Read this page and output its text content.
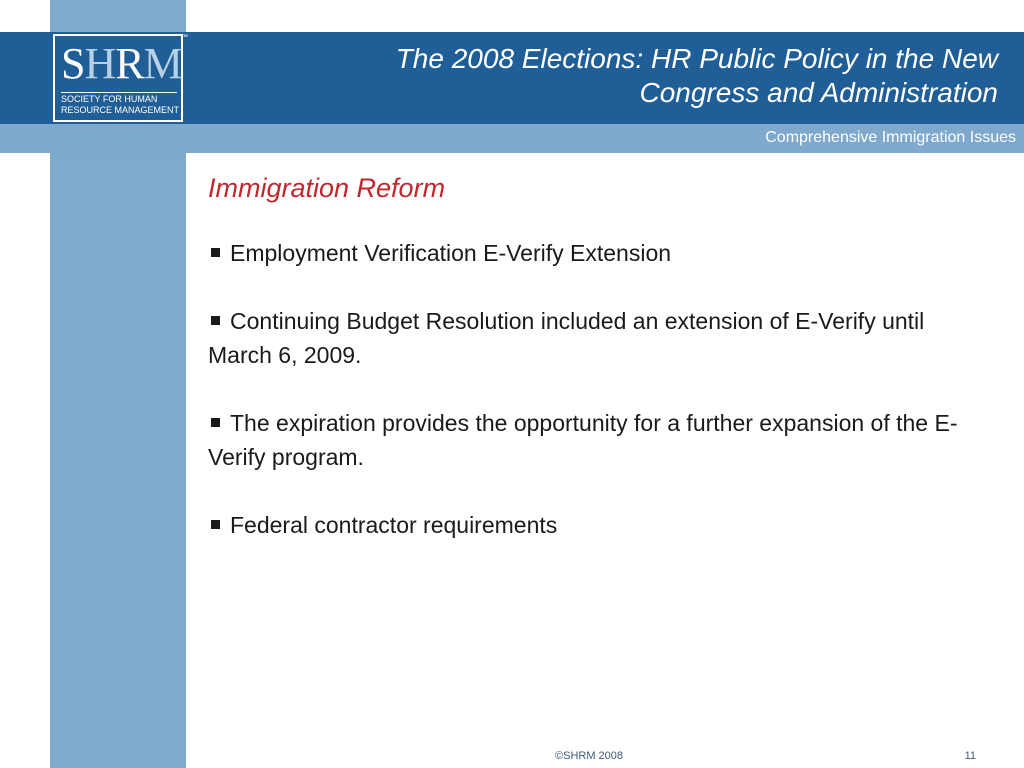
SHRM
SOCIETY FOR HUMAN
RESOURCE MANAGEMENT
™
The 2008 Elections: HR Public Policy in the New
Congress and Administration
Comprehensive Immigration Issues
Immigration Reform
Employment Verification E-Verify Extension
Continuing Budget Resolution included an extension of E-Verify until March 6, 2009.
The expiration provides the opportunity for a further expansion of the E-Verify program.
Federal contractor requirements
©SHRM 2008	11
